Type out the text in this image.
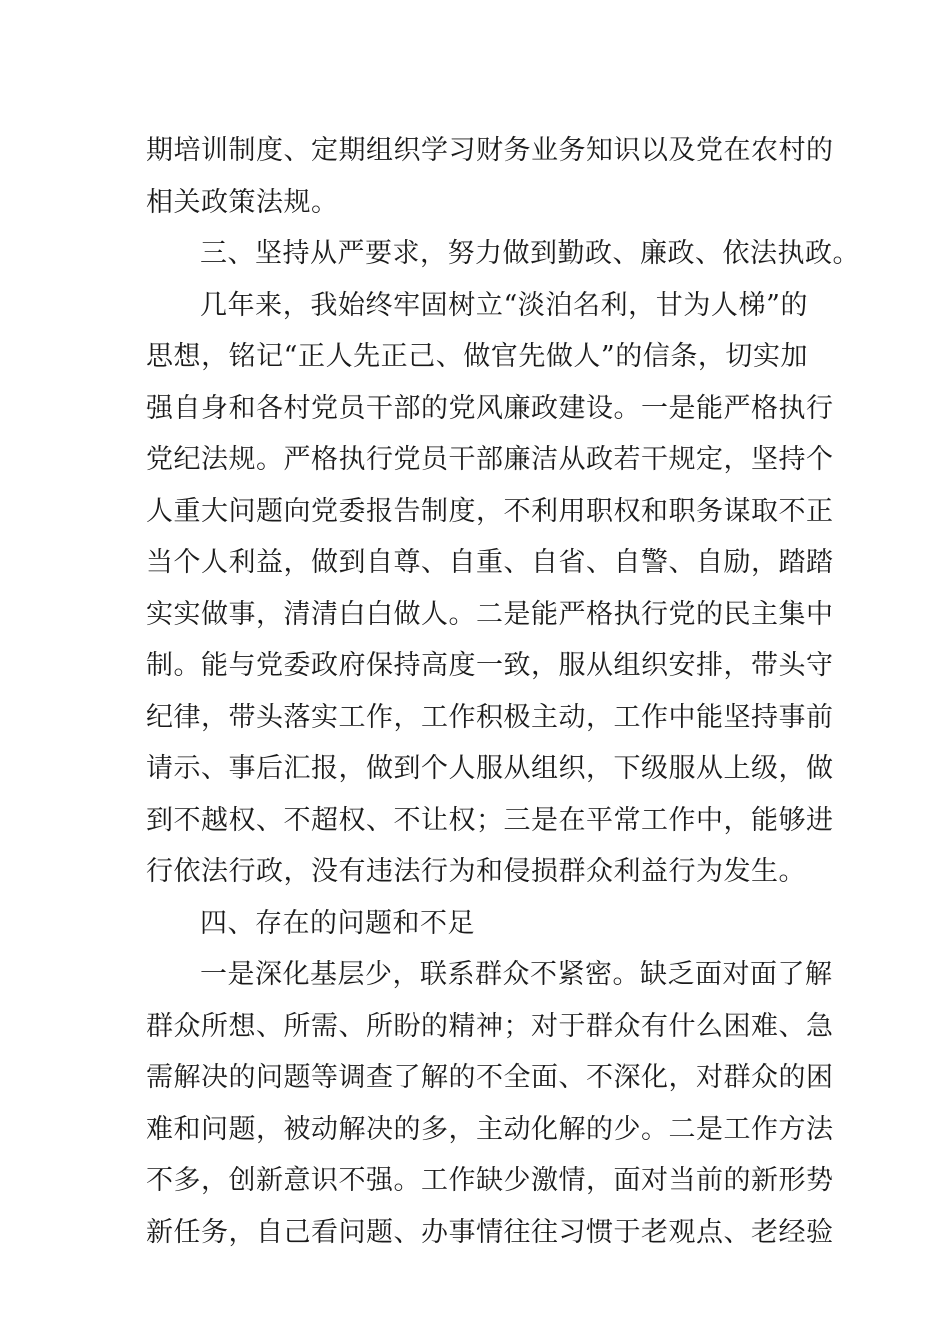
期培训制度、定期组织学习财务业务知识以及党在农村的
相关政策法规。
三、坚持从严要求，努力做到勤政、廉政、依法执政。
几年来，我始终牢固树立“淡泊名利，甘为人梯”的
思想，铭记“正人先正己、做官先做人”的信条，切实加
强自身和各村党员干部的党风廉政建设。一是能严格执行
党纪法规。严格执行党员干部廉洁从政若干规定，坚持个
人重大问题向党委报告制度，不利用职权和职务谋取不正
当个人利益，做到自尊、自重、自省、自警、自励，踏踏
实实做事，清清白白做人。二是能严格执行党的民主集中
制。能与党委政府保持高度一致，服从组织安排，带头守
纪律，带头落实工作，工作积极主动，工作中能坚持事前
请示、事后汇报，做到个人服从组织，下级服从上级，做
到不越权、不超权、不让权；三是在平常工作中，能够进
行依法行政，没有违法行为和侵损群众利益行为发生。
四、存在的问题和不足
一是深化基层少，联系群众不紧密。缺乏面对面了解
群众所想、所需、所盼的精神；对于群众有什么困难、急
需解决的问题等调查了解的不全面、不深化，对群众的困
难和问题，被动解决的多，主动化解的少。二是工作方法
不多，创新意识不强。工作缺少激情，面对当前的新形势
新任务，自己看问题、办事情往往习惯于老观点、老经验
